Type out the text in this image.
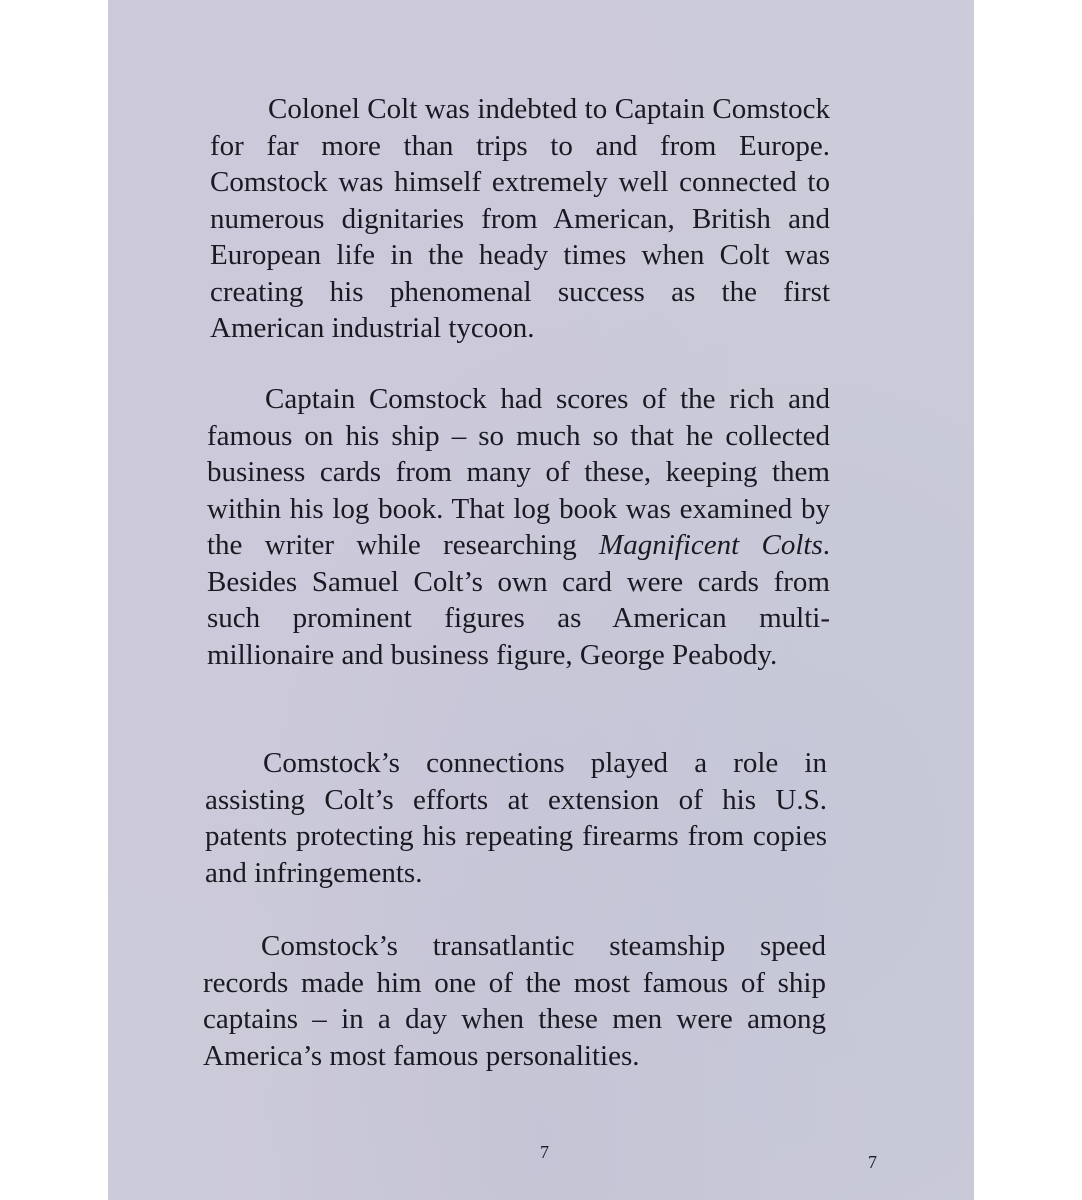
Colonel Colt was indebted to Captain Comstock for far more than trips to and from Europe. Comstock was himself extremely well connected to numerous dignitaries from American, British and European life in the heady times when Colt was creating his phenomenal success as the first American industrial tycoon.

Captain Comstock had scores of the rich and famous on his ship – so much so that he collected business cards from many of these, keeping them within his log book. That log book was examined by the writer while researching Magnificent Colts. Besides Samuel Colt’s own card were cards from such prominent figures as American multi-millionaire and business figure, George Peabody.

Comstock’s connections played a role in assisting Colt’s efforts at extension of his U.S. patents protecting his repeating firearms from copies and infringements.

Comstock’s transatlantic steamship speed records made him one of the most famous of ship captains – in a day when these men were among America’s most famous personalities.

7	7
